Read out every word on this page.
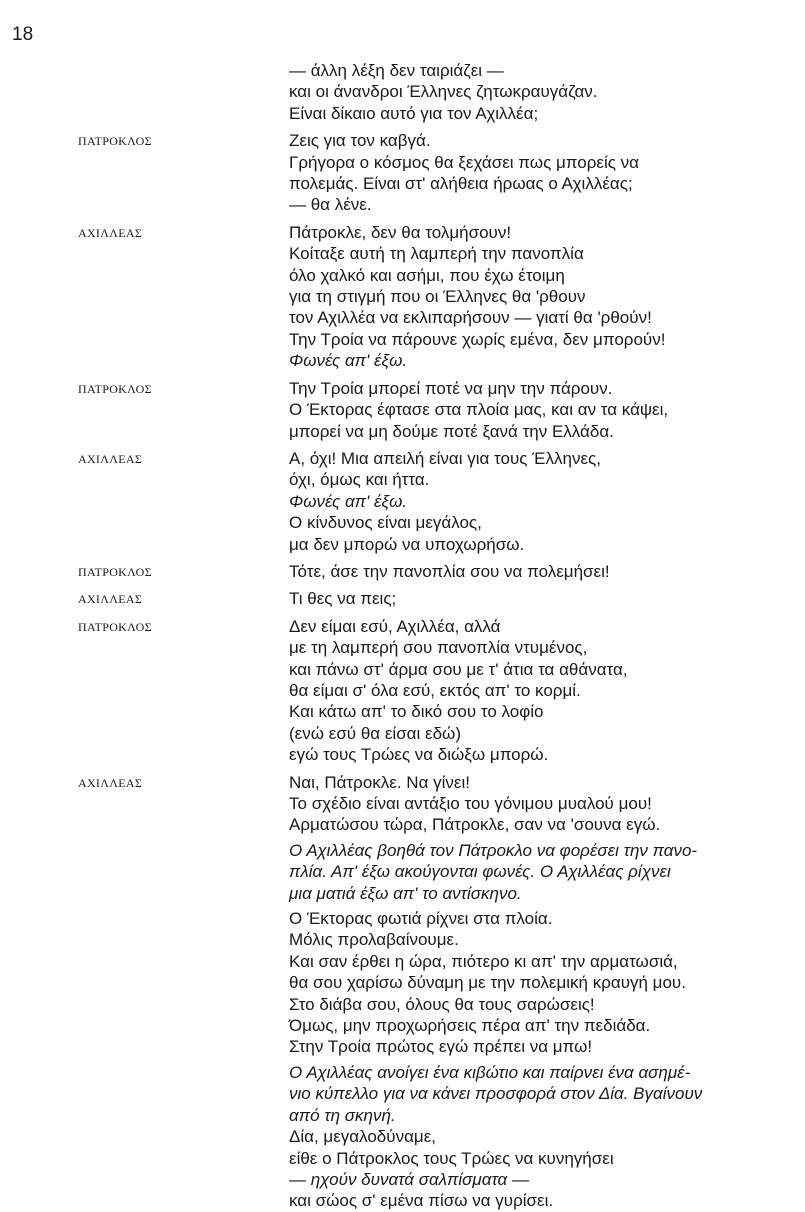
18
— άλλη λέξη δεν ταιριάζει —
και οι άνανδροι Έλληνες ζητωκραυγάζαν.
Είναι δίκαιο αυτό για τον Αχιλλέα;
ΠΑΤΡΟΚΛΟΣ	Ζεις για τον καβγά.
Γρήγορα ο κόσμος θα ξεχάσει πως μπορείς να
πολεμάς. Είναι στ' αλήθεια ήρωας ο Αχιλλέας;
— θα λένε.
ΑΧΙΛΛΕΑΣ	Πάτροκλε, δεν θα τολμήσουν!
Κοίταξε αυτή τη λαμπερή την πανοπλία
όλο χαλκό και ασήμι, που έχω έτοιμη
για τη στιγμή που οι Έλληνες θα 'ρθουν
τον Αχιλλέα να εκλιπαρήσουν — γιατί θα 'ρθούν!
Την Τροία να πάρουνε χωρίς εμένα, δεν μπορούν!
Φωνές απ' έξω.
ΠΑΤΡΟΚΛΟΣ	Την Τροία μπορεί ποτέ να μην την πάρουν.
Ο Έκτορας έφτασε στα πλοία μας, και αν τα κάψει,
μπορεί να μη δούμε ποτέ ξανά την Ελλάδα.
ΑΧΙΛΛΕΑΣ	Α, όχι! Μια απειλή είναι για τους Έλληνες,
όχι, όμως και ήττα.
Φωνές απ' έξω.
Ο κίνδυνος είναι μεγάλος,
μα δεν μπορώ να υποχωρήσω.
ΠΑΤΡΟΚΛΟΣ	Τότε, άσε την πανοπλία σου να πολεμήσει!
ΑΧΙΛΛΕΑΣ	Τι θες να πεις;
ΠΑΤΡΟΚΛΟΣ	Δεν είμαι εσύ, Αχιλλέα, αλλά
με τη λαμπερή σου πανοπλία ντυμένος,
και πάνω στ' άρμα σου με τ' άτια τα αθάνατα,
θα είμαι σ' όλα εσύ, εκτός απ' το κορμί.
Και κάτω απ' το δικό σου το λοφίο
(ενώ εσύ θα είσαι εδώ)
εγώ τους Τρώες να διώξω μπορώ.
ΑΧΙΛΛΕΑΣ	Ναι, Πάτροκλε. Να γίνει!
Το σχέδιο είναι αντάξιο του γόνιμου μυαλού μου!
Αρματώσου τώρα, Πάτροκλε, σαν να 'σουνα εγώ.
Ο Αχιλλέας βοηθά τον Πάτροκλο να φορέσει την πανο-
πλία. Απ' έξω ακούγονται φωνές. Ο Αχιλλέας ρίχνει
μια ματιά έξω απ' το αντίσκηνο.
Ο Έκτορας φωτιά ρίχνει στα πλοία.
Μόλις προλαβαίνουμε.
Και σαν έρθει η ώρα, πιότερο κι απ' την αρματωσιά,
θα σου χαρίσω δύναμη με την πολεμική κραυγή μου.
Στο διάβα σου, όλους θα τους σαρώσεις!
Όμως, μην προχωρήσεις πέρα απ' την πεδιάδα.
Στην Τροία πρώτος εγώ πρέπει να μπω!
Ο Αχιλλέας ανοίγει ένα κιβώτιο και παίρνει ένα ασημέ-
νιο κύπελλο για να κάνει προσφορά στον Δία. Βγαίνουν
από τη σκηνή.
Δία, μεγαλοδύναμε,
είθε ο Πάτροκλος τους Τρώες να κυνηγήσει
— ηχούν δυνατά σαλπίσματα —
και σώος σ' εμένα πίσω να γυρίσει.
